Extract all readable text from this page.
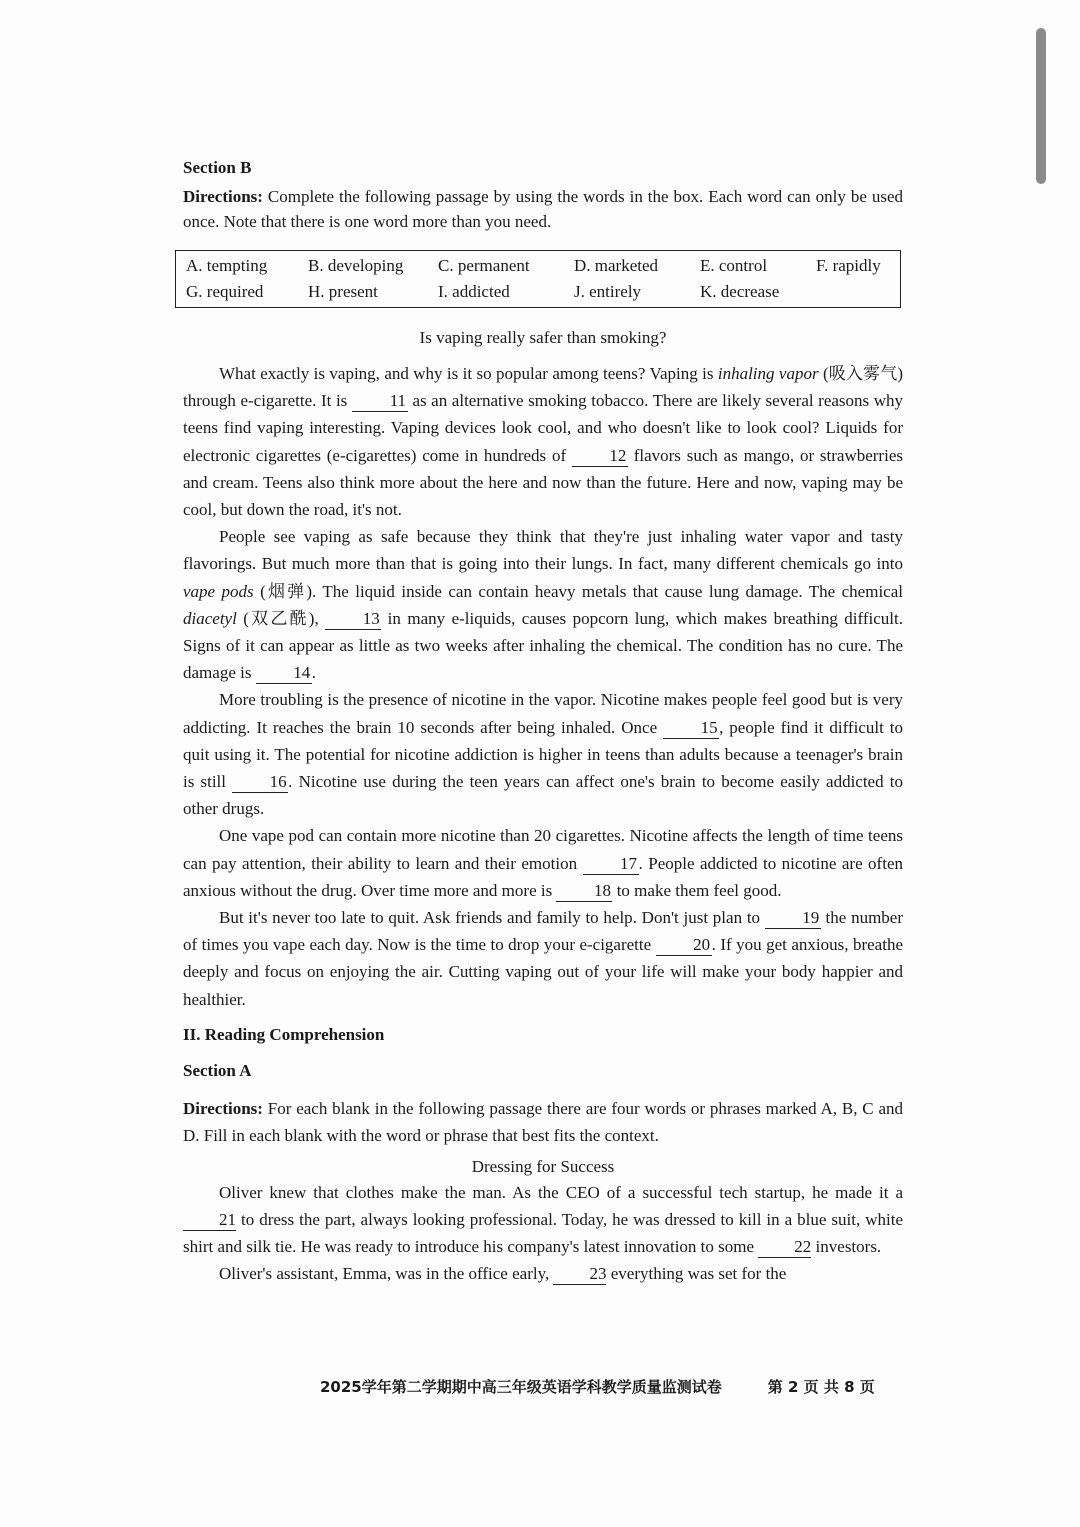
Section B

Directions: Complete the following passage by using the words in the box. Each word can only be used once. Note that there is one word more than you need.

A. tempting	B. developing	C. permanent	D. marketed	E. control	F. rapidly
G. required	H. present	I. addicted	J. entirely	K. decrease
Is vaping really safer than smoking?

What exactly is vaping, and why is it so popular among teens? Vaping is inhaling vapor (吸入雾气) through e-cigarette. It is 11 as an alternative smoking tobacco. There are likely several reasons why teens find vaping interesting. Vaping devices look cool, and who doesn't like to look cool? Liquids for electronic cigarettes (e-cigarettes) come in hundreds of 12 flavors such as mango, or strawberries and cream. Teens also think more about the here and now than the future. Here and now, vaping may be cool, but down the road, it's not.

People see vaping as safe because they think that they're just inhaling water vapor and tasty flavorings. But much more than that is going into their lungs. In fact, many different chemicals go into vape pods (烟弹). The liquid inside can contain heavy metals that cause lung damage. The chemical diacetyl (双乙酰), 13 in many e-liquids, causes popcorn lung, which makes breathing difficult. Signs of it can appear as little as two weeks after inhaling the chemical. The condition has no cure. The damage is 14.

More troubling is the presence of nicotine in the vapor. Nicotine makes people feel good but is very addicting. It reaches the brain 10 seconds after being inhaled. Once 15, people find it difficult to quit using it. The potential for nicotine addiction is higher in teens than adults because a teenager's brain is still 16. Nicotine use during the teen years can affect one's brain to become easily addicted to other drugs.

One vape pod can contain more nicotine than 20 cigarettes. Nicotine affects the length of time teens can pay attention, their ability to learn and their emotion 17. People addicted to nicotine are often anxious without the drug. Over time more and more is 18 to make them feel good.

But it's never too late to quit. Ask friends and family to help. Don't just plan to 19 the number of times you vape each day. Now is the time to drop your e-cigarette 20. If you get anxious, breathe deeply and focus on enjoying the air. Cutting vaping out of your life will make your body happier and healthier.

II. Reading Comprehension
Section A

Directions: For each blank in the following passage there are four words or phrases marked A, B, C and D. Fill in each blank with the word or phrase that best fits the context.

Dressing for Success

Oliver knew that clothes make the man. As the CEO of a successful tech startup, he made it a 21 to dress the part, always looking professional. Today, he was dressed to kill in a blue suit, white shirt and silk tie. He was ready to introduce his company's latest innovation to some 22 investors.

Oliver's assistant, Emma, was in the office early, 23 everything was set for the

2025学年第二学期期中高三年级英语学科教学质量监测试卷	第 2 页 共 8 页
